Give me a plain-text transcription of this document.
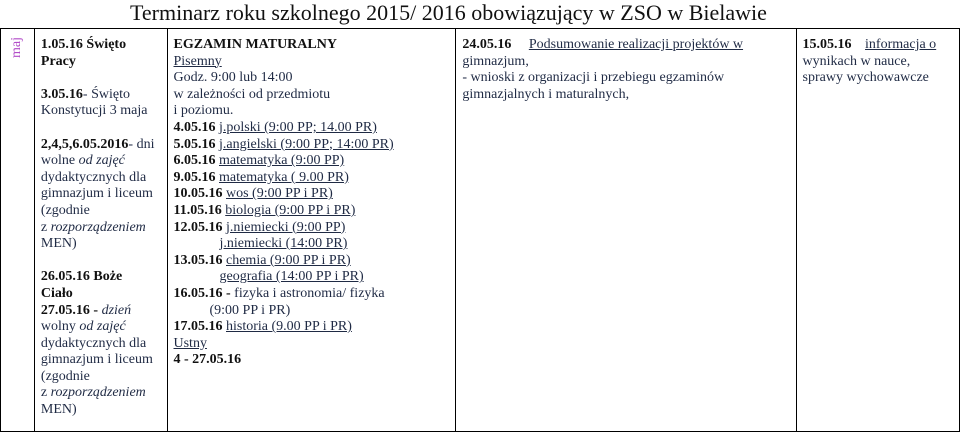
Terminarz roku szkolnego 2015/ 2016 obowiązujący w ZSO w Bielawie
maj	1.05.16 Święto
Pracy
3.05.16- Święto
Konstytucji 3 maja
2,4,5,6.05.2016- dni
wolne od zajęć
dydaktycznych dla
gimnazjum i liceum
(zgodnie
z rozporządzeniem
MEN)
26.05.16 Boże
Ciało
27.05.16 - dzień
wolny od zajęć
dydaktycznych dla
gimnazjum i liceum
(zgodnie
z rozporządzeniem
MEN)

EGZAMIN MATURALNY
Pisemny
Godz. 9:00 lub 14:00
w zależności od przedmiotu
i poziomu.
4.05.16 j.polski (9:00 PP; 14.00 PR)
5.05.16 j.angielski (9:00 PP; 14:00 PR)
6.05.16 matematyka (9:00 PP)
9.05.16 matematyka ( 9.00 PR)
10.05.16 wos (9:00 PP i PR)
11.05.16 biologia (9:00 PP i PR)
12.05.16 j.niemiecki (9:00 PP)
j.niemiecki (14:00 PR)
13.05.16 chemia (9:00 PP i PR)
geografia (14:00 PP i PR)
16.05.16 - fizyka i astronomia/ fizyka
(9:00 PP i PR)
17.05.16 historia (9.00 PP i PR)
Ustny
4 - 27.05.16

24.05.16 Podsumowanie realizacji projektów w
gimnazjum,
- wnioski z organizacji i przebiegu egzaminów
gimnazjalnych i maturalnych,

15.05.16 informacja o
wynikach w nauce,
sprawy wychowawcze
